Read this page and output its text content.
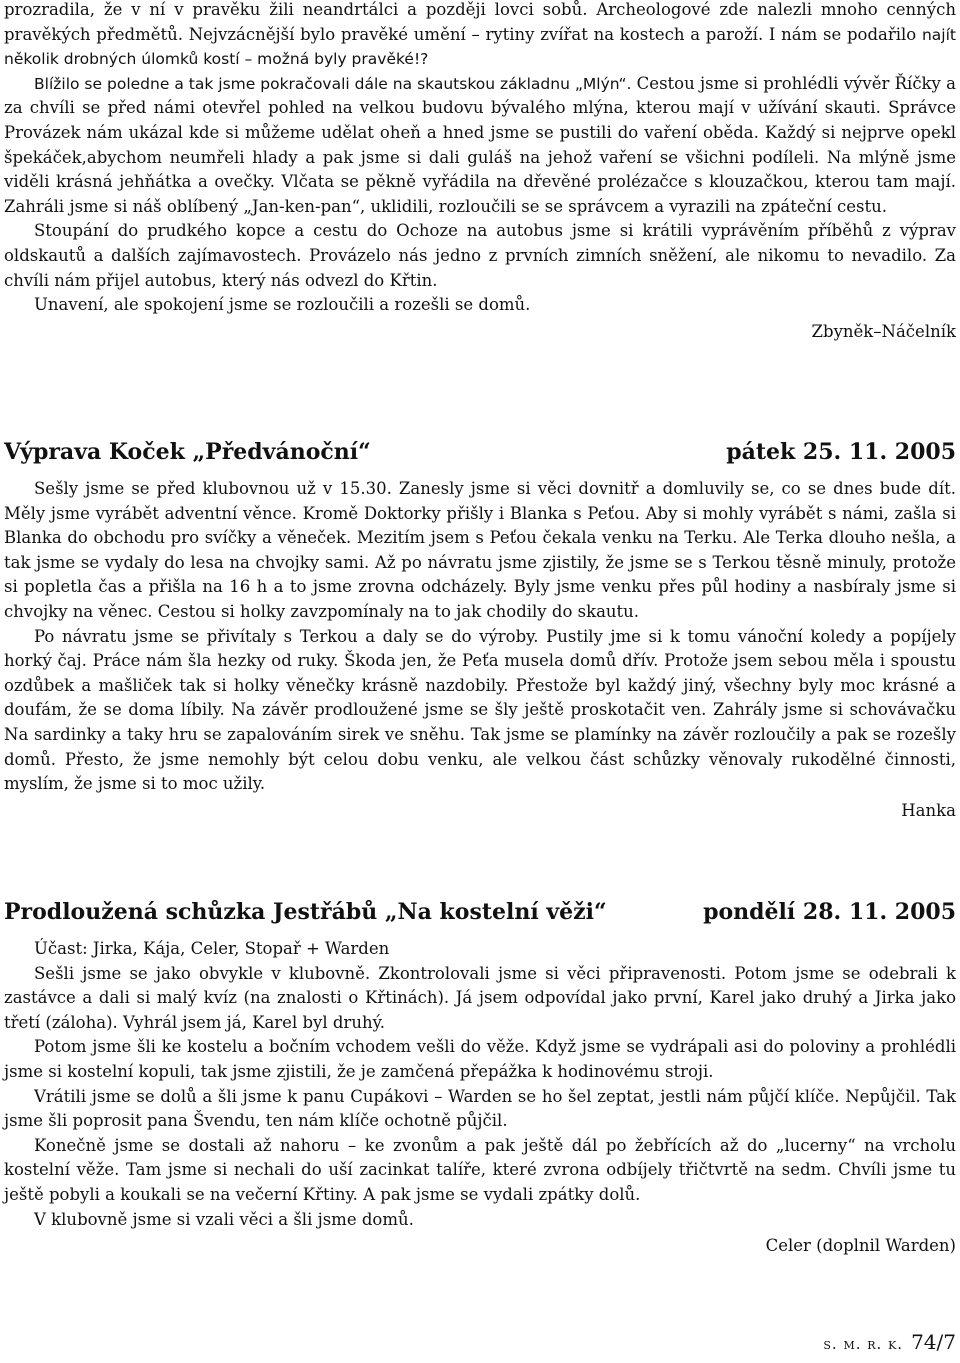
prozradila, že v ní v pravěku žili neandrtálci a později lovci sobů. Archeologové zde nalezli mnoho cenných pravěkých předmětů. Nejvzácnější bylo pravěké umění – rytiny zvířat na kostech a paroží. I nám se podařilo najít několik drobných úlomků kostí – možná byly pravěké!?

Blížilo se poledne a tak jsme pokračovali dále na skautskou základnu „Mlýn“. Cestou jsme si prohlédli vývěr Říčky a za chvíli se před námi otevřel pohled na velkou budovu bývalého mlýna, kterou mají v užívání skauti. Správce Provázek nám ukázal kde si můžeme udělat oheň a hned jsme se pustili do vaření oběda. Každý si nejprve opekl špekáček,abychom neumřeli hlady a pak jsme si dali guláš na jehož vaření se všichni podíleli. Na mlýně jsme viděli krásná jehňátka a ovečky. Vlčata se pěkně vyřádila na dřevěné prolézačce s klouzačkou, kterou tam mají. Zahráli jsme si náš oblíbený „Jan-ken-pan“, uklidili, rozloučili se se správcem a vyrazili na zpáteční cestu.

Stoupání do prudkého kopce a cestu do Ochoze na autobus jsme si krátili vyprávěním příběhů z výprav oldskautů a dalších zajímavostech. Provázelo nás jedno z prvních zimních sněžení, ale nikomu to nevadilo. Za chvíli nám přijel autobus, který nás odvezl do Křtin.

Unavení, ale spokojení jsme se rozloučili a rozešli se domů.

Zbyněk–Náčelník

Výprava Koček „Předvánoční“	pátek 25. 11. 2005

Sešly jsme se před klubovnou už v 15.30. Zanesly jsme si věci dovnitř a domluvily se, co se dnes bude dít. Měly jsme vyrábět adventní věnce. Kromě Doktorky přišly i Blanka s Peťou. Aby si mohly vyrábět s námi, zašla si Blanka do obchodu pro svíčky a věneček. Mezitím jsem s Peťou čekala venku na Terku. Ale Terka dlouho nešla, a tak jsme se vydaly do lesa na chvojky sami. Až po návratu jsme zjistily, že jsme se s Terkou těsně minuly, protože si popletla čas a přišla na 16 h a to jsme zrovna odcházely. Byly jsme venku přes půl hodiny a nasbíraly jsme si chvojky na věnec. Cestou si holky zavzpomínaly na to jak chodily do skautu.

Po návratu jsme se přivítaly s Terkou a daly se do výroby. Pustily jme si k tomu vánoční koledy a popíjely horký čaj. Práce nám šla hezky od ruky. Škoda jen, že Peťa musela domů dřív. Protože jsem sebou měla i spoustu ozdůbek a mašliček tak si holky věnečky krásně nazdobily. Přestože byl každý jiný, všechny byly moc krásné a doufám, že se doma líbily. Na závěr prodloužené jsme se šly ještě proskotačit ven. Zahrály jsme si schovávačku Na sardinky a taky hru se zapalováním sirek ve sněhu. Tak jsme se plamínky na závěr rozloučily a pak se rozešly domů. Přesto, že jsme nemohly být celou dobu venku, ale velkou část schůzky věnovaly rukodělné činnosti, myslím, že jsme si to moc užily.

Hanka

Prodloužená schůzka Jestřábů „Na kostelní věži“	pondělí 28. 11. 2005

Účast: Jirka, Kája, Celer, Stopař + Warden

Sešli jsme se jako obvykle v klubovně. Zkontrolovali jsme si věci připravenosti. Potom jsme se odebrali k zastávce a dali si malý kvíz (na znalosti o Křtinách). Já jsem odpovídal jako první, Karel jako druhý a Jirka jako třetí (záloha). Vyhrál jsem já, Karel byl druhý.

Potom jsme šli ke kostelu a bočním vchodem vešli do věže. Když jsme se vydrápali asi do poloviny a prohlédli jsme si kostelní kopuli, tak jsme zjistili, že je zamčená přepážka k hodinovému stroji.

Vrátili jsme se dolů a šli jsme k panu Cupákovi – Warden se ho šel zeptat, jestli nám půjčí klíče. Nepůjčil. Tak jsme šli poprosit pana Švendu, ten nám klíče ochotně půjčil.

Konečně jsme se dostali až nahoru – ke zvonům a pak ještě dál po žebřících až do „lucerny“ na vrcholu kostelní věže. Tam jsme si nechali do uší zacinkat talíře, které zvrona odbíjely třičtvrtě na sedm. Chvíli jsme tu ještě pobyli a koukali se na večerní Křtiny. A pak jsme se vydali zpátky dolů.

V klubovně jsme si vzali věci a šli jsme domů.

Celer (doplnil Warden)

s. m. r. k. 74/7
